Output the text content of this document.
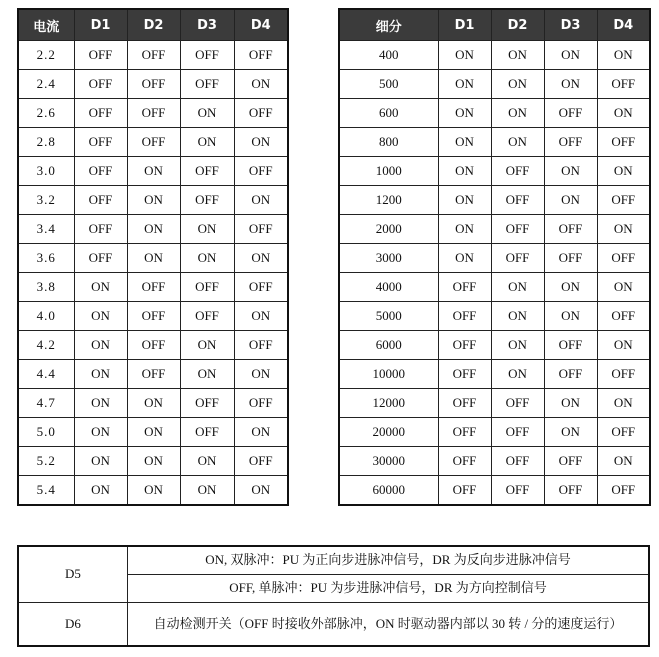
电流	D1	D2	D3	D4
2.2	OFF	OFF	OFF	OFF
2.4	OFF	OFF	OFF	ON
2.6	OFF	OFF	ON	OFF
2.8	OFF	OFF	ON	ON
3.0	OFF	ON	OFF	OFF
3.2	OFF	ON	OFF	ON
3.4	OFF	ON	ON	OFF
3.6	OFF	ON	ON	ON
3.8	ON	OFF	OFF	OFF
4.0	ON	OFF	OFF	ON
4.2	ON	OFF	ON	OFF
4.4	ON	OFF	ON	ON
4.7	ON	ON	OFF	OFF
5.0	ON	ON	OFF	ON
5.2	ON	ON	ON	OFF
5.4	ON	ON	ON	ON
细分	D1	D2	D3	D4
400	ON	ON	ON	ON
500	ON	ON	ON	OFF
600	ON	ON	OFF	ON
800	ON	ON	OFF	OFF
1000	ON	OFF	ON	ON
1200	ON	OFF	ON	OFF
2000	ON	OFF	OFF	ON
3000	ON	OFF	OFF	OFF
4000	OFF	ON	ON	ON
5000	OFF	ON	ON	OFF
6000	OFF	ON	OFF	ON
10000	OFF	ON	OFF	OFF
12000	OFF	OFF	ON	ON
20000	OFF	OFF	ON	OFF
30000	OFF	OFF	OFF	ON
60000	OFF	OFF	OFF	OFF
D5	ON, 双脉冲：PU 为正向步进脉冲信号，DR 为反向步进脉冲信号
	OFF, 单脉冲：PU 为步进脉冲信号，DR 为方向控制信号
D6	自动检测开关（OFF 时接收外部脉冲，ON 时驱动器内部以 30 转 / 分的速度运行）
